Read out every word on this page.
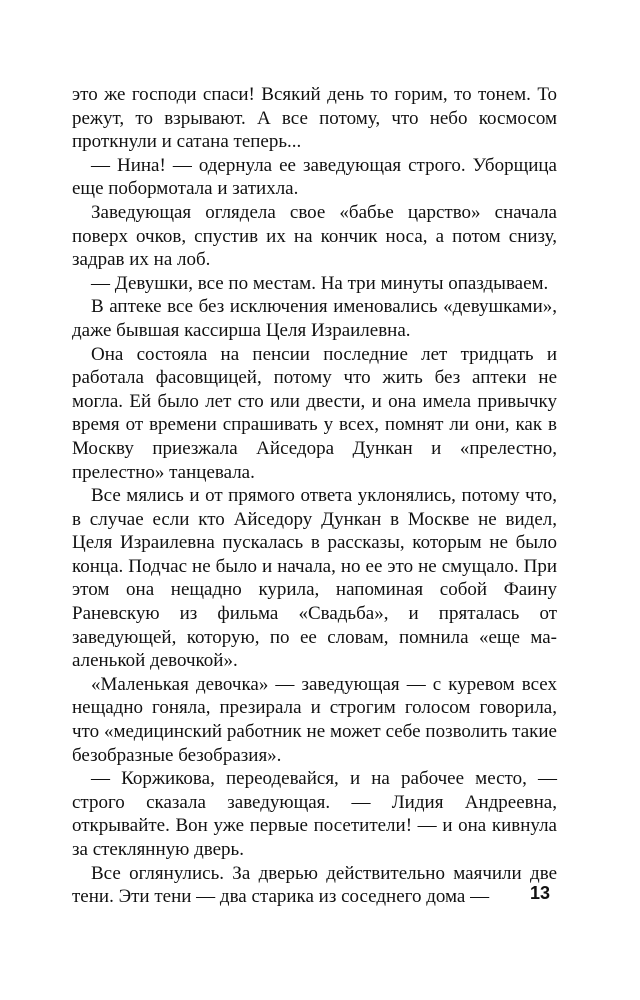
это же господи спаси! Всякий день то горим, то тонем. То режут, то взрывают. А все потому, что небо космосом проткнули и сатана теперь...

— Нина! — одернула ее заведующая строго. Уборщица еще побормотала и затихла.

Заведующая оглядела свое «бабье царство» сначала поверх очков, спустив их на кончик носа, а потом снизу, задрав их на лоб.

— Девушки, все по местам. На три минуты опаздываем.

В аптеке все без исключения именовались «девушками», даже бывшая кассирша Целя Израилевна.

Она состояла на пенсии последние лет тридцать и работала фасовщицей, потому что жить без аптеки не могла. Ей было лет сто или двести, и она имела привычку время от времени спрашивать у всех, помнят ли они, как в Москву приезжала Айседора Дункан и «прелестно, прелестно» танцевала.

Все мялись и от прямого ответа уклонялись, потому что, в случае если кто Айседору Дункан в Москве не видел, Целя Израилевна пускалась в рассказы, которым не было конца. Подчас не было и начала, но ее это не смущало. При этом она нещадно курила, напоминая собой Фаину Раневскую из фильма «Свадьба», и пряталась от заведующей, которую, по ее словам, помнила «еще ма-аленькой девочкой».

«Маленькая девочка» — заведующая — с куревом всех нещадно гоняла, презирала и строгим голосом говорила, что «медицинский работник не может себе позволить такие безобразные безобразия».

— Коржикова, переодевайся, и на рабочее место, — строго сказала заведующая. — Лидия Андреевна, открывайте. Вон уже первые посетители! — и она кивнула за стеклянную дверь.

Все оглянулись. За дверью действительно маячили две тени. Эти тени — два старика из соседнего дома —	13
